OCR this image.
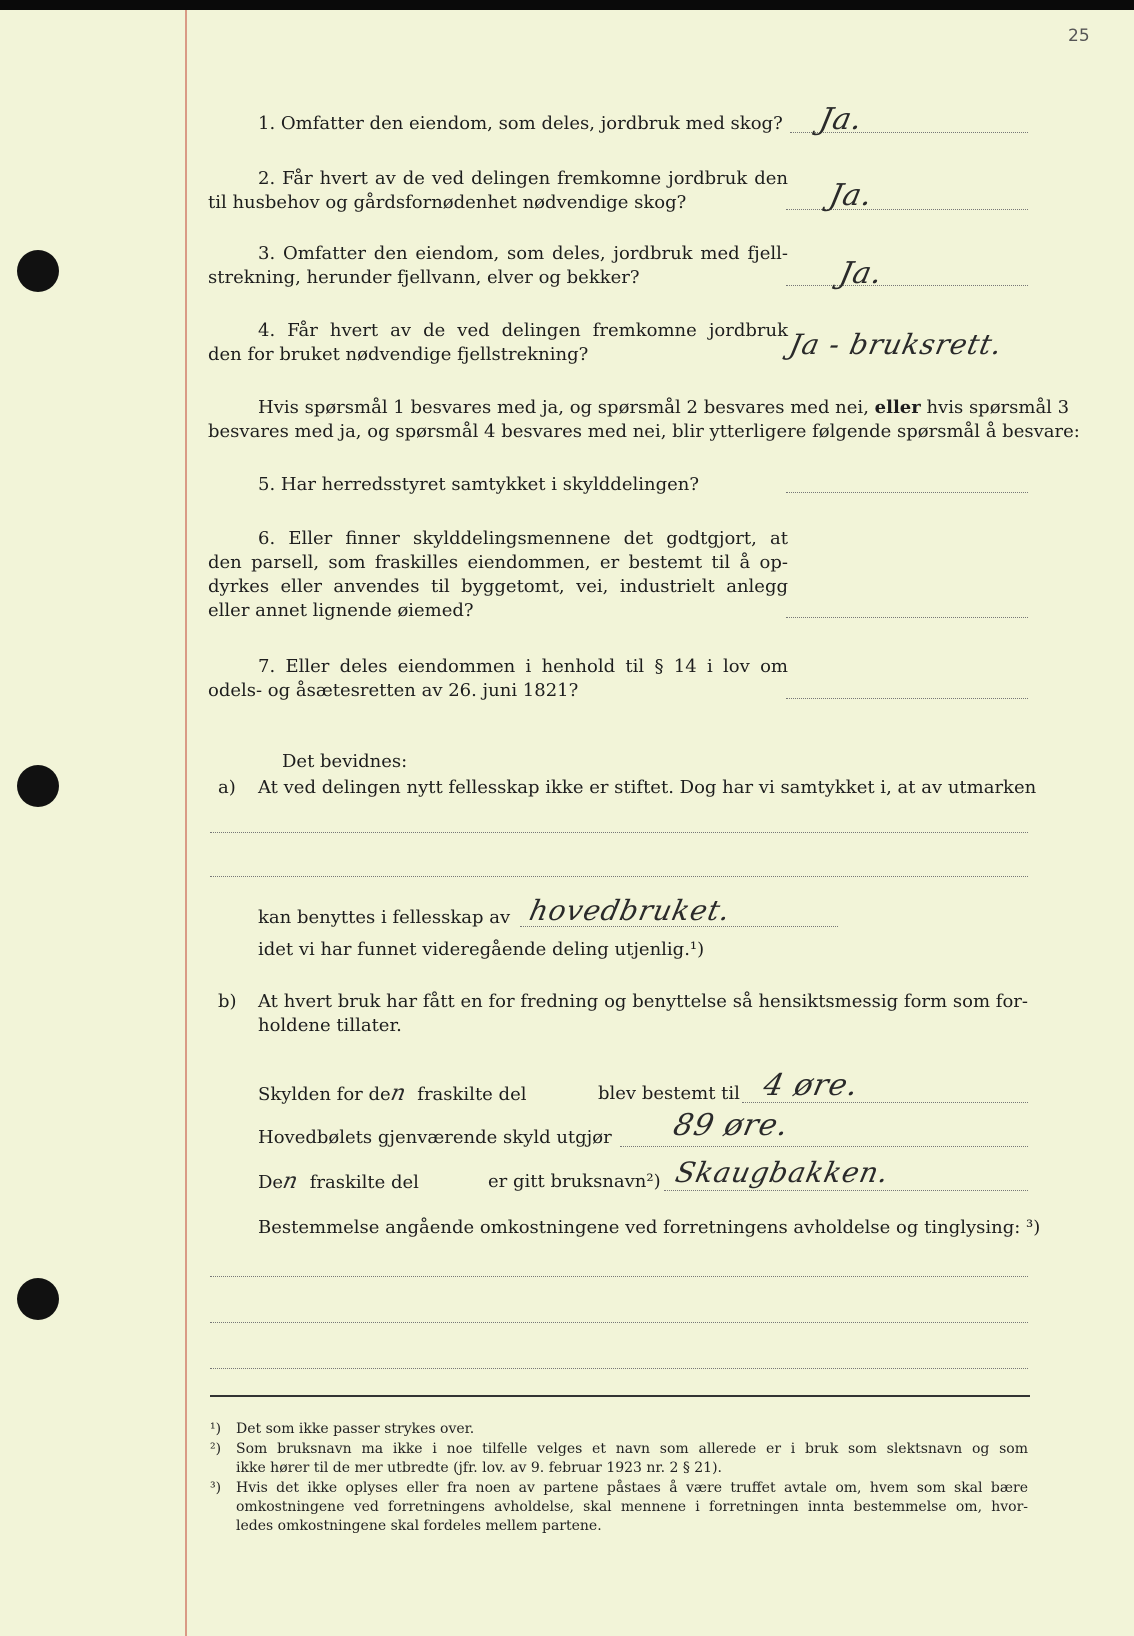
25
1. Omfatter den eiendom, som deles, jordbruk med skog? Ja.
2. Får hvert av de ved delingen fremkomne jordbruk den
til husbehov og gårdsfornødenhet nødvendige skog?	Ja.
3. Omfatter den eiendom, som deles, jordbruk med fjell-
strekning, herunder fjellvann, elver og bekker?	Ja.
4. Får hvert av de ved delingen fremkomne jordbruk
den for bruket nødvendige fjellstrekning?	Ja - bruksrett.
Hvis spørsmål 1 besvares med ja, og spørsmål 2 besvares med nei, eller hvis spørsmål 3
besvares med ja, og spørsmål 4 besvares med nei, blir ytterligere følgende spørsmål å besvare:
5. Har herredsstyret samtykket i skylddelingen?
6. Eller finner skylddelingsmennene det godtgjort, at
den parsell, som fraskilles eiendommen, er bestemt til å op-
dyrkes eller anvendes til byggetomt, vei, industrielt anlegg
eller annet lignende øiemed?
7. Eller deles eiendommen i henhold til § 14 i lov om
odels- og åsætesretten av 26. juni 1821?
Det bevidnes:
a) At ved delingen nytt fellesskap ikke er stiftet. Dog har vi samtykket i, at av utmarken
kan benyttes i fellesskap av hovedbruket.
idet vi har funnet videregående deling utjenlig.¹)
b) At hvert bruk har fått en for fredning og benyttelse så hensiktsmessig form som for-
holdene tillater.
Skylden for den fraskilte del	blev bestemt til 4 øre.
Hovedbølets gjenværende skyld utgjør 89 øre.
Den fraskilte del	er gitt bruksnavn²) Skaugbakken.
Bestemmelse angående omkostningene ved forretningens avholdelse og tinglysing: ³)
¹) Det som ikke passer strykes over.
²) Som bruksnavn ma ikke i noe tilfelle velges et navn som allerede er i bruk som slektsnavn og som
ikke hører til de mer utbredte (jfr. lov. av 9. februar 1923 nr. 2 § 21).
³) Hvis det ikke oplyses eller fra noen av partene påstaes å være truffet avtale om, hvem som skal bære
omkostningene ved forretningens avholdelse, skal mennene i forretningen innta bestemmelse om, hvor-
ledes omkostningene skal fordeles mellem partene.
